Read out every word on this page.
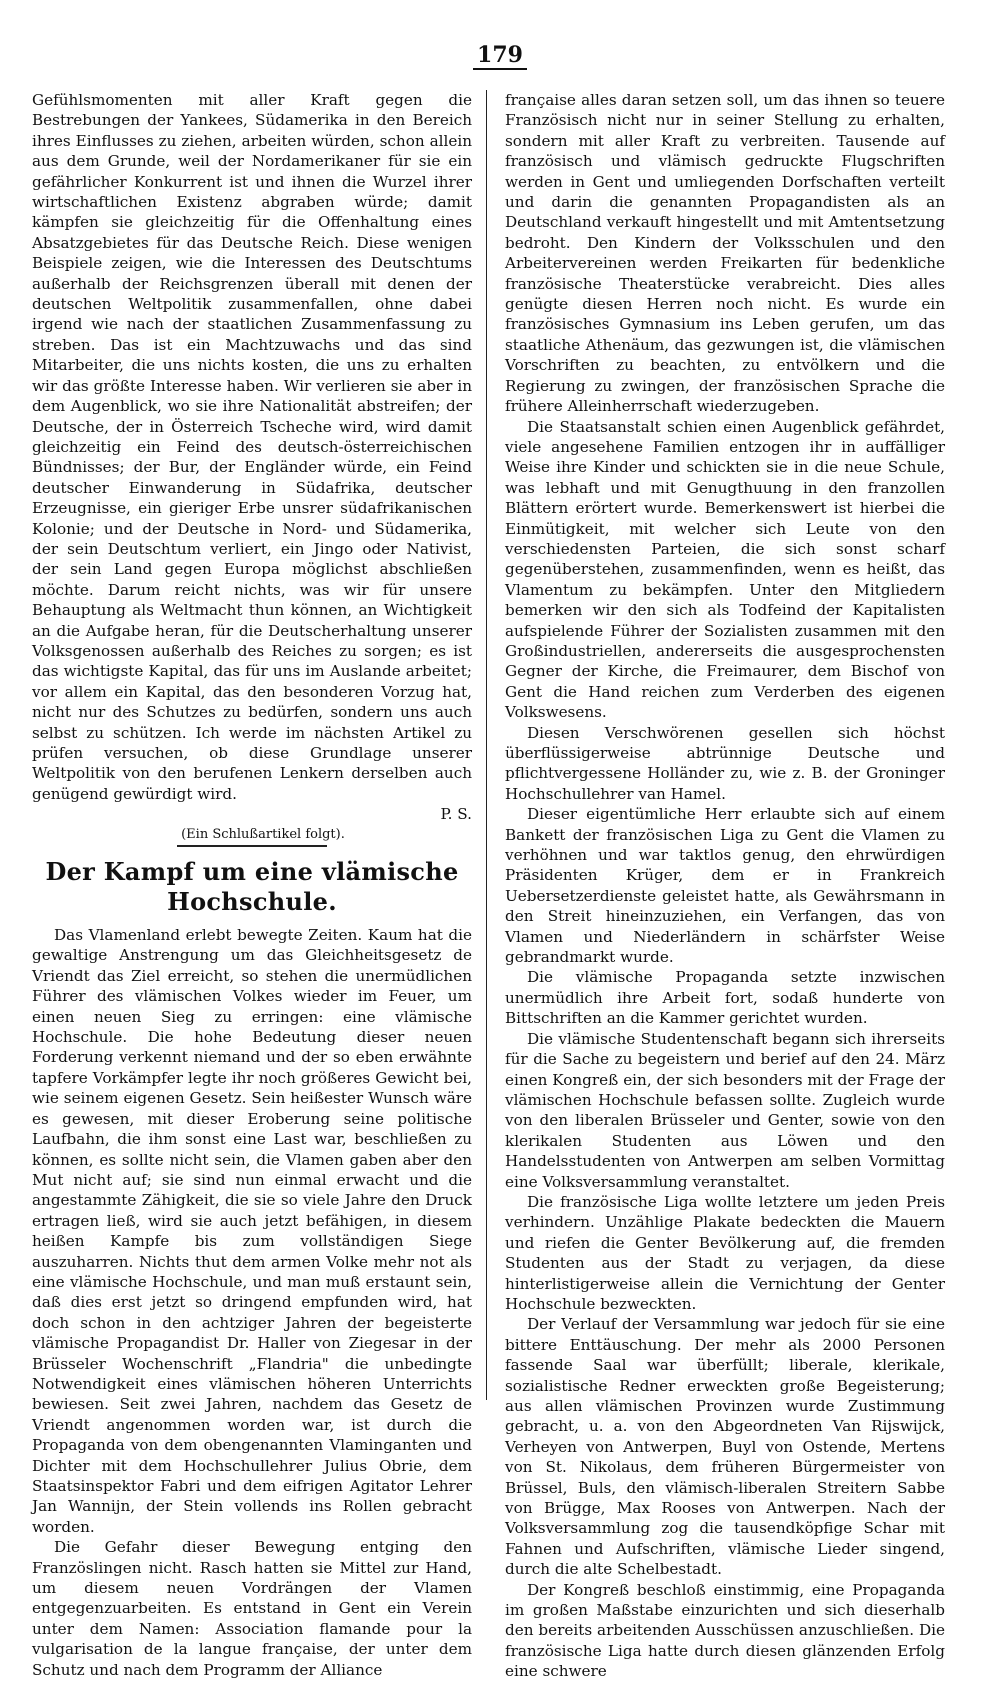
179

Gefühlsmomenten mit aller Kraft gegen die Bestrebungen der Yankees, Südamerika in den Bereich ihres Einflusses zu ziehen, arbeiten würden, schon allein aus dem Grunde, weil der Nordamerikaner für sie ein gefährlicher Konkurrent ist und ihnen die Wurzel ihrer wirtschaftlichen Existenz abgraben würde; damit kämpfen sie gleichzeitig für die Offenhaltung eines Absatzgebietes für das Deutsche Reich. Diese wenigen Beispiele zeigen, wie die Interessen des Deutschtums außerhalb der Reichsgrenzen überall mit denen der deutschen Weltpolitik zusammenfallen, ohne dabei irgend wie nach der staatlichen Zusammenfassung zu streben. Das ist ein Machtzuwachs und das sind Mitarbeiter, die uns nichts kosten, die uns zu erhalten wir das größte Interesse haben. Wir verlieren sie aber in dem Augenblick, wo sie ihre Nationalität abstreifen; der Deutsche, der in Österreich Tscheche wird, wird damit gleichzeitig ein Feind des deutsch-österreichischen Bündnisses; der Bur, der Engländer würde, ein Feind deutscher Einwanderung in Südafrika, deutscher Erzeugnisse, ein gieriger Erbe unsrer südafrikanischen Kolonie; und der Deutsche in Nord- und Südamerika, der sein Deutschtum verliert, ein Jingo oder Nativist, der sein Land gegen Europa möglichst abschließen möchte. Darum reicht nichts, was wir für unsere Behauptung als Weltmacht thun können, an Wichtigkeit an die Aufgabe heran, für die Deutscherhaltung unserer Volksgenossen außerhalb des Reiches zu sorgen; es ist das wichtigste Kapital, das für uns im Auslande arbeitet; vor allem ein Kapital, das den besonderen Vorzug hat, nicht nur des Schutzes zu bedürfen, sondern uns auch selbst zu schützen. Ich werde im nächsten Artikel zu prüfen versuchen, ob diese Grundlage unserer Weltpolitik von den berufenen Lenkern derselben auch genügend gewürdigt wird.

P. S.

(Ein Schlußartikel folgt).

Der Kampf um eine vlämische Hochschule.

Das Vlamenland erlebt bewegte Zeiten. Kaum hat die gewaltige Anstrengung um das Gleichheitsgesetz de Vriendt das Ziel erreicht, so stehen die unermüdlichen Führer des vlämischen Volkes wieder im Feuer, um einen neuen Sieg zu erringen: eine vlämische Hochschule. Die hohe Bedeutung dieser neuen Forderung verkennt niemand und der so eben erwähnte tapfere Vorkämpfer legte ihr noch größeres Gewicht bei, wie seinem eigenen Gesetz. Sein heißester Wunsch wäre es gewesen, mit dieser Eroberung seine politische Laufbahn, die ihm sonst eine Last war, beschließen zu können, es sollte nicht sein, die Vlamen gaben aber den Mut nicht auf; sie sind nun einmal erwacht und die angestammte Zähigkeit, die sie so viele Jahre den Druck ertragen ließ, wird sie auch jetzt befähigen, in diesem heißen Kampfe bis zum vollständigen Siege auszuharren. Nichts thut dem armen Volke mehr not als eine vlämische Hochschule, und man muß erstaunt sein, daß dies erst jetzt so dringend empfunden wird, hat doch schon in den achtziger Jahren der begeisterte vlämische Propagandist Dr. Haller von Ziegesar in der Brüsseler Wochenschrift „Flandria" die unbedingte Notwendigkeit eines vlämischen höheren Unterrichts bewiesen. Seit zwei Jahren, nachdem das Gesetz de Vriendt angenommen worden war, ist durch die Propaganda von dem obengenannten Vlaminganten und Dichter mit dem Hochschullehrer Julius Obrie, dem Staatsinspektor Fabri und dem eifrigen Agitator Lehrer Jan Wannijn, der Stein vollends ins Rollen gebracht worden.

Die Gefahr dieser Bewegung entging den Französlingen nicht. Rasch hatten sie Mittel zur Hand, um diesem neuen Vordrängen der Vlamen entgegenzuarbeiten. Es entstand in Gent ein Verein unter dem Namen: Association flamande pour la vulgarisation de la langue française, der unter dem Schutz und nach dem Programm der Alliance

française alles daran setzen soll, um das ihnen so teuere Französisch nicht nur in seiner Stellung zu erhalten, sondern mit aller Kraft zu verbreiten. Tausende auf französisch und vlämisch gedruckte Flugschriften werden in Gent und umliegenden Dorfschaften verteilt und darin die genannten Propagandisten als an Deutschland verkauft hingestellt und mit Amtentsetzung bedroht. Den Kindern der Volksschulen und den Arbeitervereinen werden Freikarten für bedenkliche französische Theaterstücke verabreicht. Dies alles genügte diesen Herren noch nicht. Es wurde ein französisches Gymnasium ins Leben gerufen, um das staatliche Athenäum, das gezwungen ist, die vlämischen Vorschriften zu beachten, zu entvölkern und die Regierung zu zwingen, der französischen Sprache die frühere Alleinherrschaft wiederzugeben.

Die Staatsanstalt schien einen Augenblick gefährdet, viele angesehene Familien entzogen ihr in auffälliger Weise ihre Kinder und schickten sie in die neue Schule, was lebhaft und mit Genugthuung in den franzollen Blättern erörtert wurde. Bemerkenswert ist hierbei die Einmütigkeit, mit welcher sich Leute von den verschiedensten Parteien, die sich sonst scharf gegenüberstehen, zusammenfinden, wenn es heißt, das Vlamentum zu bekämpfen. Unter den Mitgliedern bemerken wir den sich als Todfeind der Kapitalisten aufspielende Führer der Sozialisten zusammen mit den Großindustriellen, andererseits die ausgesprochensten Gegner der Kirche, die Freimaurer, dem Bischof von Gent die Hand reichen zum Verderben des eigenen Volkswesens.

Diesen Verschwörenen gesellen sich höchst überflüssigerweise abtrünnige Deutsche und pflichtvergessene Holländer zu, wie z. B. der Groninger Hochschullehrer van Hamel.

Dieser eigentümliche Herr erlaubte sich auf einem Bankett der französischen Liga zu Gent die Vlamen zu verhöhnen und war taktlos genug, den ehrwürdigen Präsidenten Krüger, dem er in Frankreich Uebersetzerdienste geleistet hatte, als Gewährsmann in den Streit hineinzuziehen, ein Verfangen, das von Vlamen und Niederländern in schärfster Weise gebrandmarkt wurde.

Die vlämische Propaganda setzte inzwischen unermüdlich ihre Arbeit fort, sodaß hunderte von Bittschriften an die Kammer gerichtet wurden.

Die vlämische Studentenschaft begann sich ihrerseits für die Sache zu begeistern und berief auf den 24. März einen Kongreß ein, der sich besonders mit der Frage der vlämischen Hochschule befassen sollte. Zugleich wurde von den liberalen Brüsseler und Genter, sowie von den klerikalen Studenten aus Löwen und den Handelsstudenten von Antwerpen am selben Vormittag eine Volksversammlung veranstaltet.

Die französische Liga wollte letztere um jeden Preis verhindern. Unzählige Plakate bedeckten die Mauern und riefen die Genter Bevölkerung auf, die fremden Studenten aus der Stadt zu verjagen, da diese hinterlistigerweise allein die Vernichtung der Genter Hochschule bezweckten.

Der Verlauf der Versammlung war jedoch für sie eine bittere Enttäuschung. Der mehr als 2000 Personen fassende Saal war überfüllt; liberale, klerikale, sozialistische Redner erweckten große Begeisterung; aus allen vlämischen Provinzen wurde Zustimmung gebracht, u. a. von den Abgeordneten Van Rijswijck, Verheyen von Antwerpen, Buyl von Ostende, Mertens von St. Nikolaus, dem früheren Bürgermeister von Brüssel, Buls, den vlämisch-liberalen Streitern Sabbe von Brügge, Max Rooses von Antwerpen. Nach der Volksversammlung zog die tausendköpfige Schar mit Fahnen und Aufschriften, vlämische Lieder singend, durch die alte Schelbestadt.

Der Kongreß beschloß einstimmig, eine Propaganda im großen Maßstabe einzurichten und sich dieserhalb den bereits arbeitenden Ausschüssen anzuschließen. Die französische Liga hatte durch diesen glänzenden Erfolg eine schwere
